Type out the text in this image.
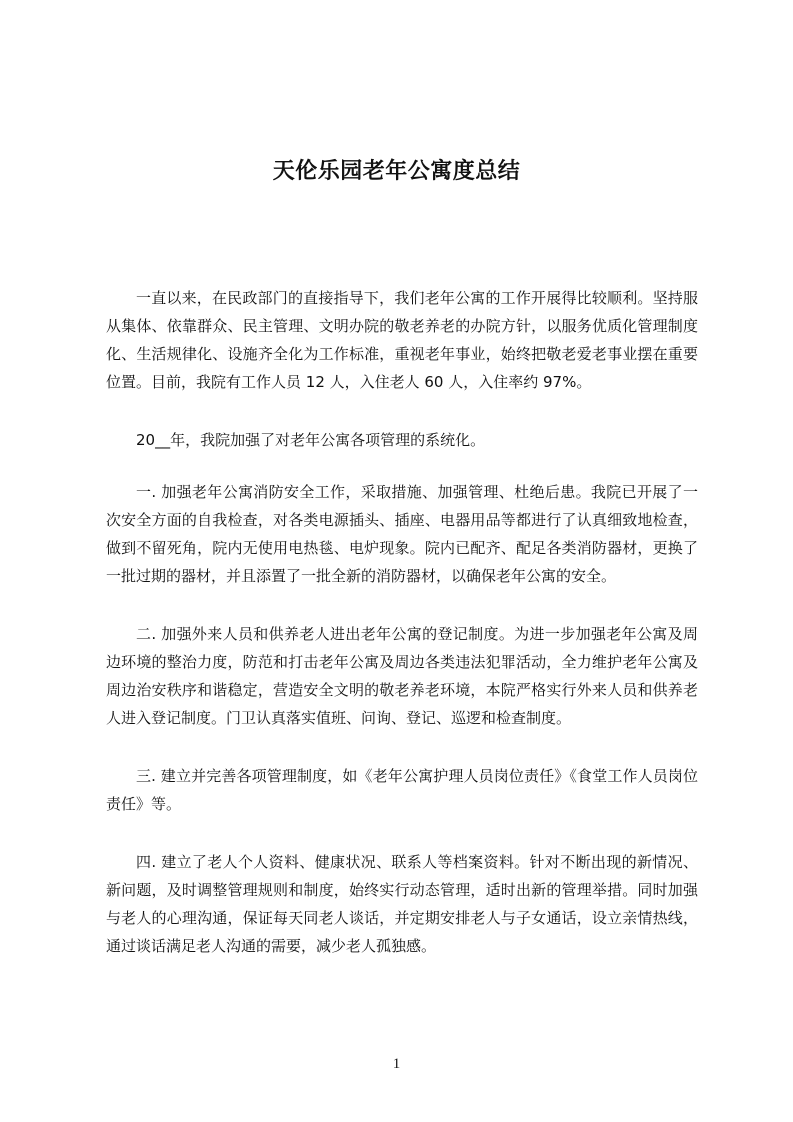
天伦乐园老年公寓度总结

一直以来，在民政部门的直接指导下，我们老年公寓的工作开展得比较顺利。坚持服从集体、依靠群众、民主管理、文明办院的敬老养老的办院方针，以服务优质化管理制度化、生活规律化、设施齐全化为工作标准，重视老年事业，始终把敬老爱老事业摆在重要位置。目前，我院有工作人员 12 人，入住老人 60 人，入住率约 97%。

20__年，我院加强了对老年公寓各项管理的系统化。

一. 加强老年公寓消防安全工作，采取措施、加强管理、杜绝后患。我院已开展了一次安全方面的自我检查，对各类电源插头、插座、电器用品等都进行了认真细致地检查，做到不留死角，院内无使用电热毯、电炉现象。院内已配齐、配足各类消防器材，更换了一批过期的器材，并且添置了一批全新的消防器材，以确保老年公寓的安全。

二. 加强外来人员和供养老人进出老年公寓的登记制度。为进一步加强老年公寓及周边环境的整治力度，防范和打击老年公寓及周边各类违法犯罪活动，全力维护老年公寓及周边治安秩序和谐稳定，营造安全文明的敬老养老环境，本院严格实行外来人员和供养老人进入登记制度。门卫认真落实值班、问询、登记、巡逻和检查制度。

三. 建立并完善各项管理制度，如《老年公寓护理人员岗位责任》《食堂工作人员岗位责任》等。

四. 建立了老人个人资料、健康状况、联系人等档案资料。针对不断出现的新情况、新问题，及时调整管理规则和制度，始终实行动态管理，适时出新的管理举措。同时加强与老人的心理沟通，保证每天同老人谈话，并定期安排老人与子女通话，设立亲情热线，通过谈话满足老人沟通的需要，减少老人孤独感。

1
